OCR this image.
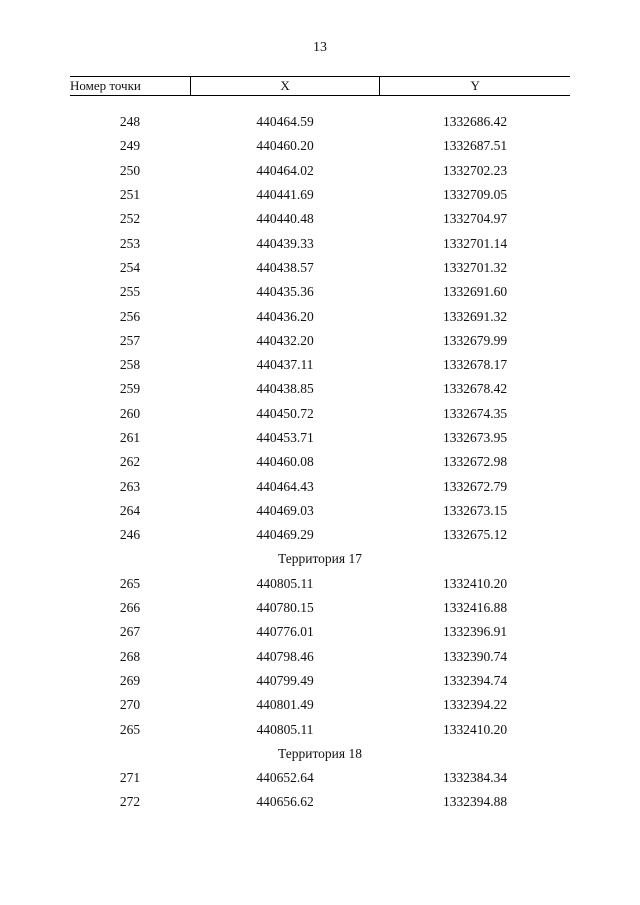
13
Номер точки	X	Y
248	440464.59	1332686.42
249	440460.20	1332687.51
250	440464.02	1332702.23
251	440441.69	1332709.05
252	440440.48	1332704.97
253	440439.33	1332701.14
254	440438.57	1332701.32
255	440435.36	1332691.60
256	440436.20	1332691.32
257	440432.20	1332679.99
258	440437.11	1332678.17
259	440438.85	1332678.42
260	440450.72	1332674.35
261	440453.71	1332673.95
262	440460.08	1332672.98
263	440464.43	1332672.79
264	440469.03	1332673.15
246	440469.29	1332675.12
Территория 17
265	440805.11	1332410.20
266	440780.15	1332416.88
267	440776.01	1332396.91
268	440798.46	1332390.74
269	440799.49	1332394.74
270	440801.49	1332394.22
265	440805.11	1332410.20
Территория 18
271	440652.64	1332384.34
272	440656.62	1332394.88
